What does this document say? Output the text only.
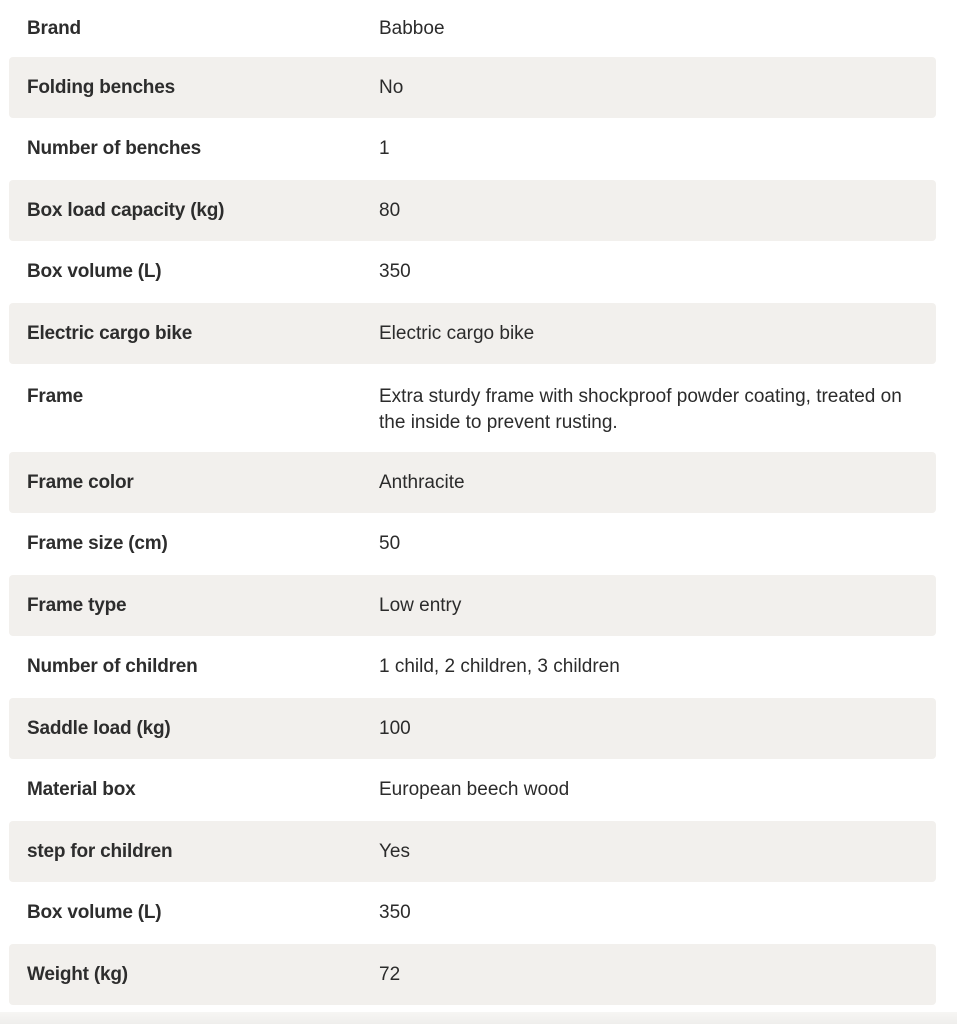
Brand	Babboe
Folding benches	No
Number of benches	1
Box load capacity (kg)	80
Box volume (L)	350
Electric cargo bike	Electric cargo bike
Frame	Extra sturdy frame with shockproof powder coating, treated on the inside to prevent rusting.
Frame color	Anthracite
Frame size (cm)	50
Frame type	Low entry
Number of children	1 child, 2 children, 3 children
Saddle load (kg)	100
Material box	European beech wood
step for children	Yes
Box volume (L)	350
Weight (kg)	72
